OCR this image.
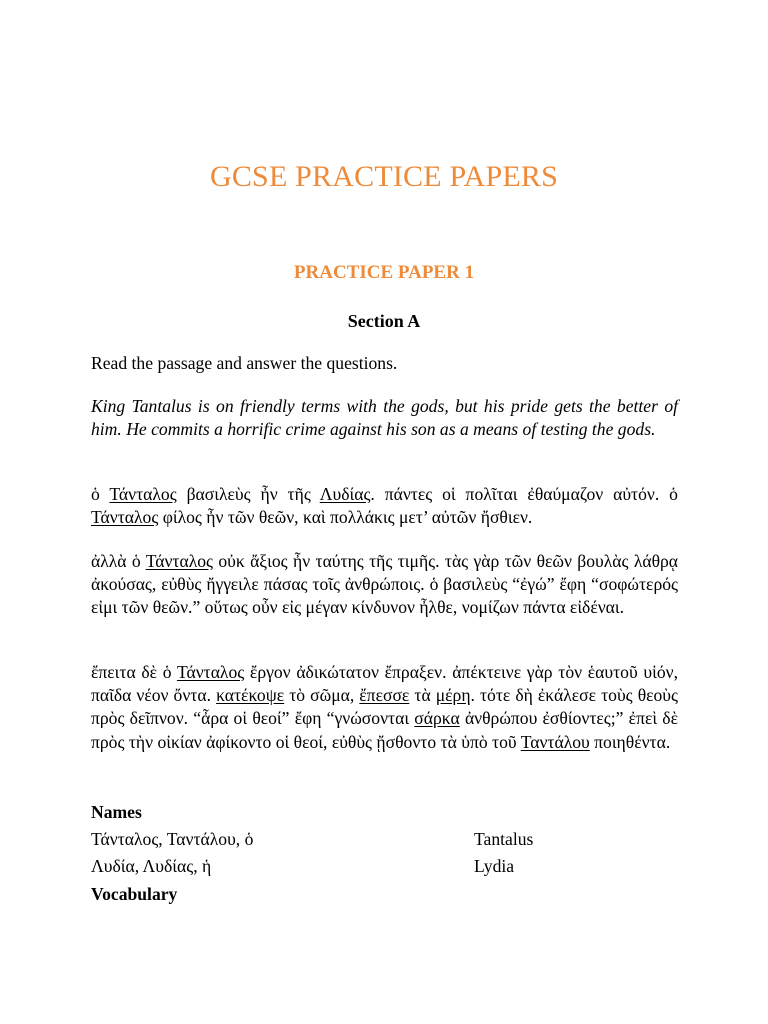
GCSE PRACTICE PAPERS
PRACTICE PAPER 1
Section A

Read the passage and answer the questions.

King Tantalus is on friendly terms with the gods, but his pride gets the better of him. He commits a horrific crime against his son as a means of testing the gods.

ὁ Τάνταλος βασιλεὺς ἦν τῆς Λυδίας. πάντες οἱ πολῖται ἐθαύμαζον αὐτόν. ὁ Τάνταλος φίλος ἦν τῶν θεῶν, καὶ πολλάκις μετ’ αὐτῶν ἤσθιεν.

ἀλλὰ ὁ Τάνταλος οὐκ ἄξιος ἦν ταύτης τῆς τιμῆς. τὰς γὰρ τῶν θεῶν βουλὰς λάθρᾳ ἀκούσας, εὐθὺς ἤγγειλε πάσας τοῖς ἀνθρώποις. ὁ βασιλεὺς “ἐγώ” ἔφη “σοφώτερός εἰμι τῶν θεῶν.” οὕτως οὖν εἰς μέγαν κίνδυνον ἦλθε, νομίζων πάντα εἰδέναι.

ἔπειτα δὲ ὁ Τάνταλος ἔργον ἀδικώτατον ἔπραξεν. ἀπέκτεινε γὰρ τὸν ἑαυτοῦ υἱόν, παῖδα νέον ὄντα. κατέκοψε τὸ σῶμα, ἔπεσσε τὰ μέρη. τότε δὴ ἐκάλεσε τοὺς θεοὺς πρὸς δεῖπνον. “ἆρα οἱ θεοί” ἔφη “γνώσονται σάρκα ἀνθρώπου ἐσθίοντες;” ἐπεὶ δὲ πρὸς τὴν οἰκίαν ἀφίκοντο οἱ θεοί, εὐθὺς ᾔσθοντο τὰ ὑπὸ τοῦ Ταντάλου ποιηθέντα.

Names
Τάνταλος, Ταντάλου, ὁ	Tantalus
Λυδία, Λυδίας, ἡ	Lydia
Vocabulary
